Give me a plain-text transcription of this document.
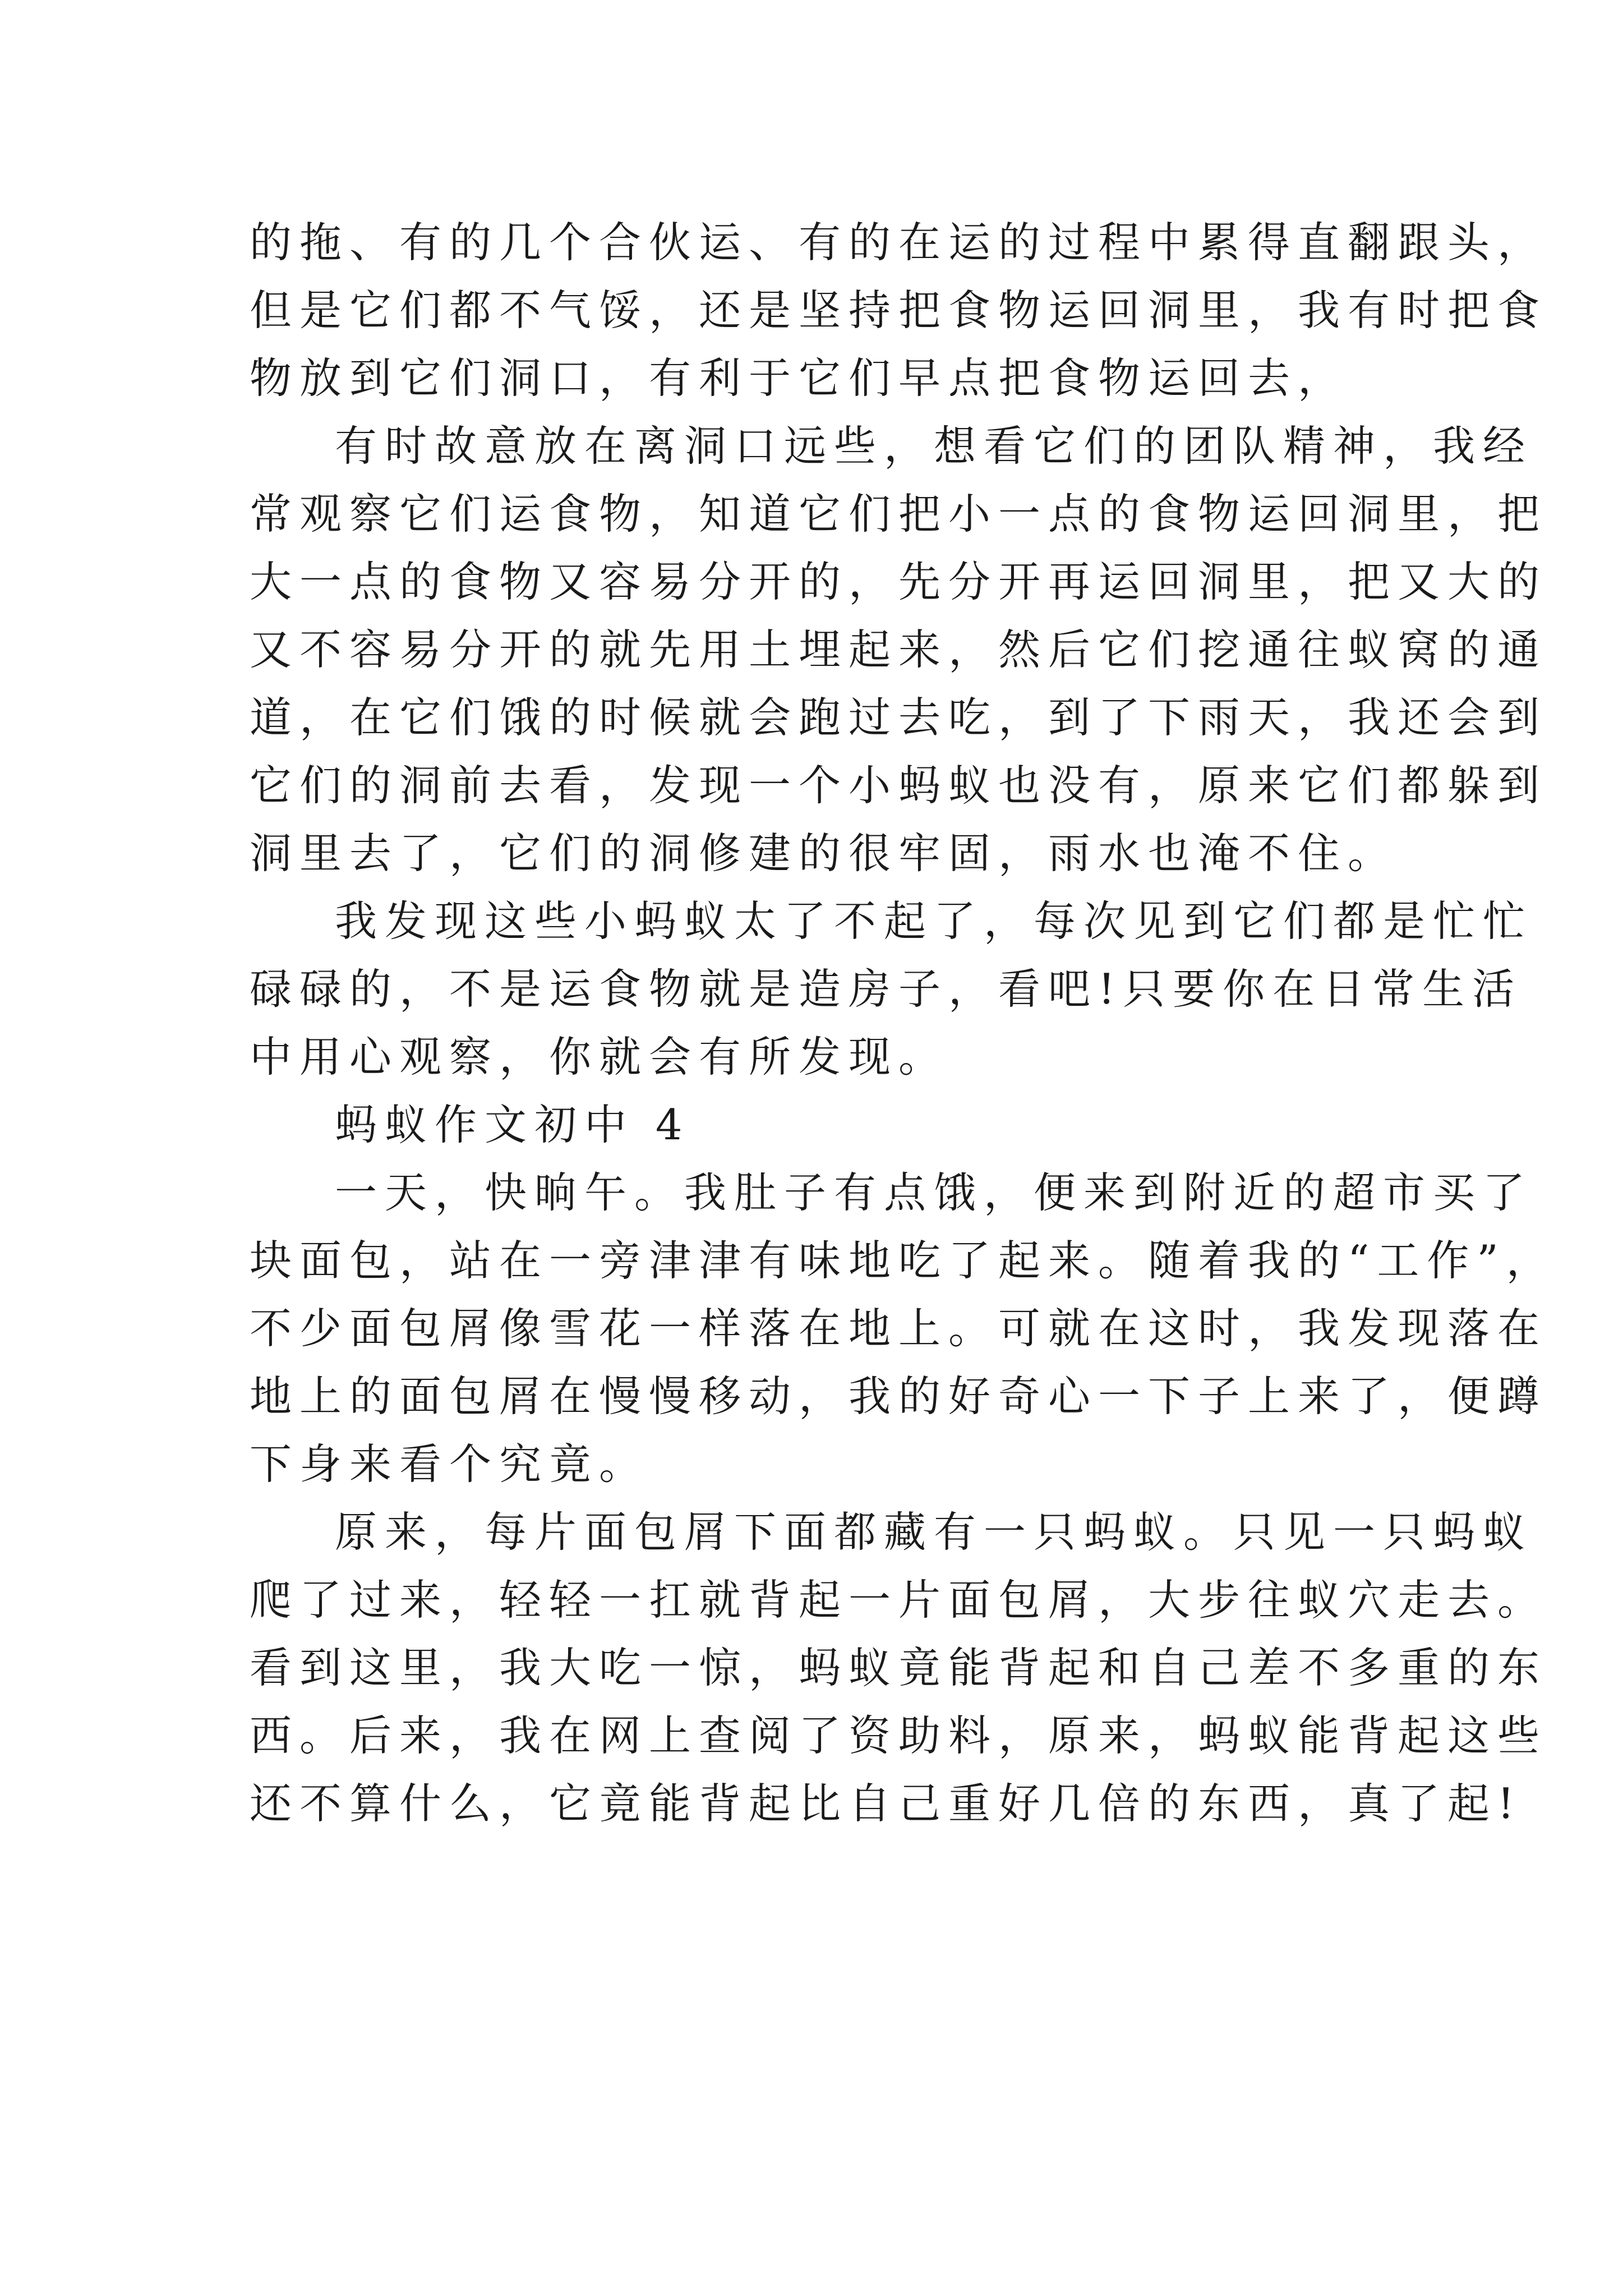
的拖、有的几个合伙运、有的在运的过程中累得直翻跟头，
但是它们都不气馁，还是坚持把食物运回洞里，我有时把食
物放到它们洞口，有利于它们早点把食物运回去，
有时故意放在离洞口远些，想看它们的团队精神，我经
常观察它们运食物，知道它们把小一点的食物运回洞里，把
大一点的食物又容易分开的，先分开再运回洞里，把又大的
又不容易分开的就先用土埋起来，然后它们挖通往蚁窝的通
道，在它们饿的时候就会跑过去吃，到了下雨天，我还会到
它们的洞前去看，发现一个小蚂蚁也没有，原来它们都躲到
洞里去了，它们的洞修建的很牢固，雨水也淹不住。
我发现这些小蚂蚁太了不起了，每次见到它们都是忙忙
碌碌的，不是运食物就是造房子，看吧!只要你在日常生活
中用心观察，你就会有所发现。
蚂蚁作文初中 4
一天，快晌午。我肚子有点饿，便来到附近的超市买了
块面包，站在一旁津津有味地吃了起来。随着我的“工作”，
不少面包屑像雪花一样落在地上。可就在这时，我发现落在
地上的面包屑在慢慢移动，我的好奇心一下子上来了，便蹲
下身来看个究竟。
原来，每片面包屑下面都藏有一只蚂蚁。只见一只蚂蚁
爬了过来，轻轻一扛就背起一片面包屑，大步往蚁穴走去。
看到这里，我大吃一惊，蚂蚁竟能背起和自己差不多重的东
西。后来，我在网上查阅了资助料，原来，蚂蚁能背起这些
还不算什么，它竟能背起比自己重好几倍的东西，真了起!
